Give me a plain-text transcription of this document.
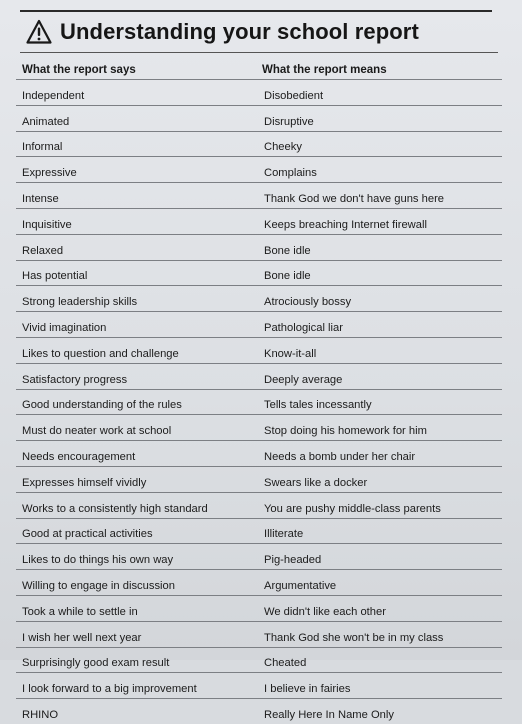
Understanding your school report
What the report says	What the report means
Independent	Disobedient
Animated	Disruptive
Informal	Cheeky
Expressive	Complains
Intense	Thank God we don't have guns here
Inquisitive	Keeps breaching Internet firewall
Relaxed	Bone idle
Has potential	Bone idle
Strong leadership skills	Atrociously bossy
Vivid imagination	Pathological liar
Likes to question and challenge	Know-it-all
Satisfactory progress	Deeply average
Good understanding of the rules	Tells tales incessantly
Must do neater work at school	Stop doing his homework for him
Needs encouragement	Needs a bomb under her chair
Expresses himself vividly	Swears like a docker
Works to a consistently high standard	You are pushy middle-class parents
Good at practical activities	Illiterate
Likes to do things his own way	Pig-headed
Willing to engage in discussion	Argumentative
Took a while to settle in	We didn't like each other
I wish her well next year	Thank God she won't be in my class
Surprisingly good exam result	Cheated
I look forward to a big improvement	I believe in fairies
RHINO	Really Here In Name Only
